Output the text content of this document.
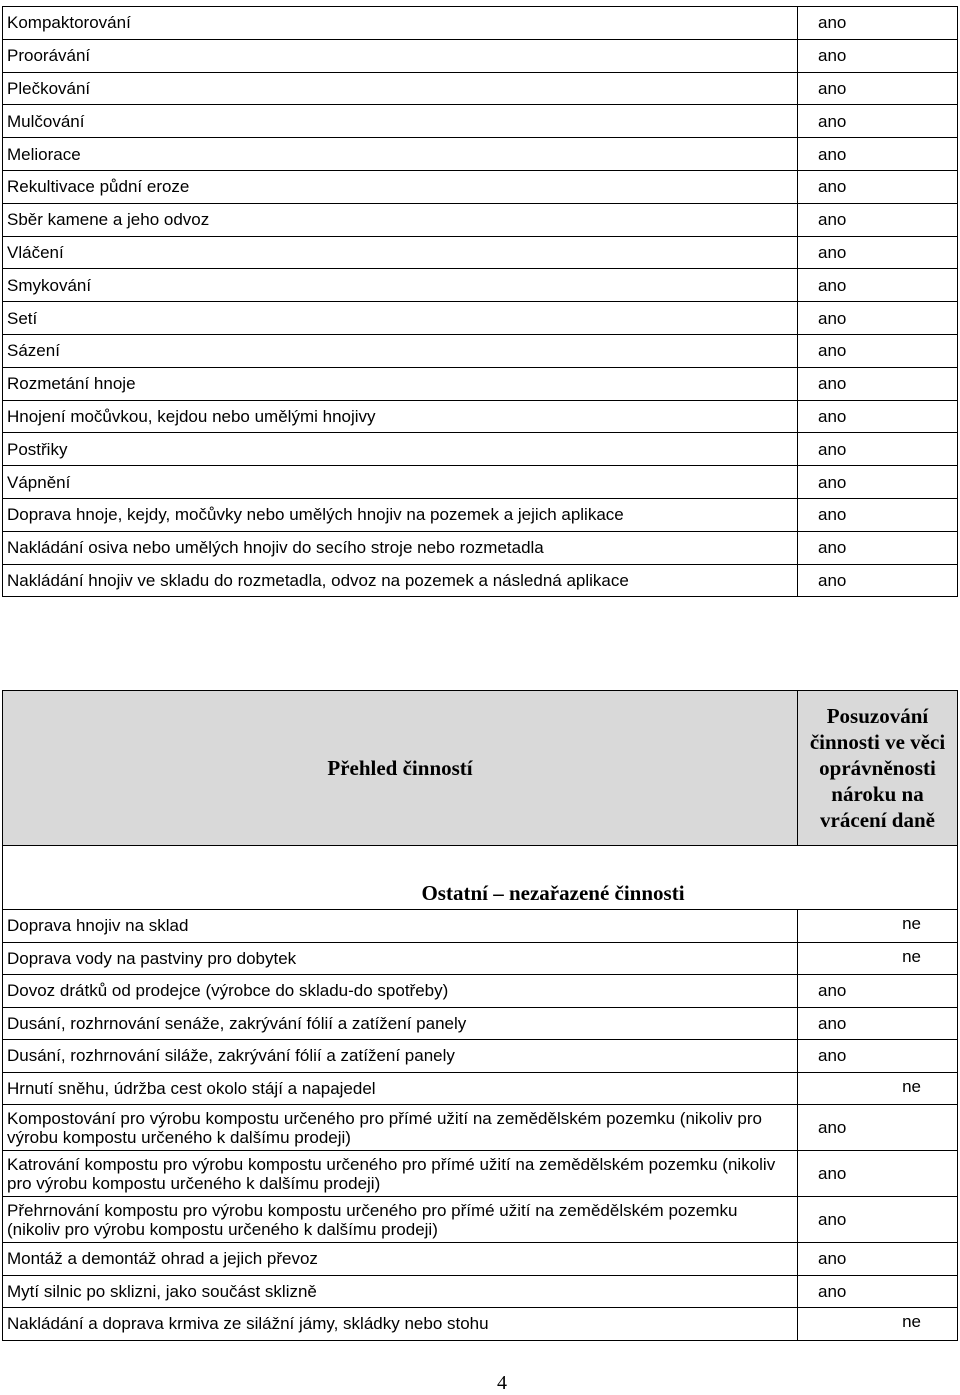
Kompaktorování	ano
Proorávání	ano
Plečkování	ano
Mulčování	ano
Meliorace	ano
Rekultivace půdní eroze	ano
Sběr kamene a jeho odvoz	ano
Vláčení	ano
Smykování	ano
Setí	ano
Sázení	ano
Rozmetání hnoje	ano
Hnojení močůvkou, kejdou nebo umělými hnojivy	ano
Postřiky	ano
Vápnění	ano
Doprava hnoje, kejdy, močůvky nebo umělých hnojiv na pozemek a jejich aplikace	ano
Nakládání osiva nebo umělých hnojiv do secího stroje nebo rozmetadla	ano
Nakládání hnojiv ve skladu do rozmetadla, odvoz na pozemek a následná aplikace	ano
Přehled činností	Posuzování činnosti ve věci oprávněnosti nároku na vrácení daně
Ostatní – nezařazené činnosti	
Doprava hnojiv na sklad	ne

Doprava vody na pastviny pro dobytek	ne

Dovoz drátků od prodejce (výrobce do skladu-do spotřeby)	ano
Dusání, rozhrnování senáže, zakrývání fólií a zatížení panely	ano
Dusání, rozhrnování siláže, zakrývání fólií a zatížení panely	ano
Hrnutí sněhu, údržba cest okolo stájí a napajedel	ne

Kompostování pro výrobu kompostu určeného pro přímé užití na zemědělském pozemku (nikoliv pro výrobu kompostu určeného k dalšímu prodeji)	ano
Katrování kompostu pro výrobu kompostu určeného pro přímé užití na zemědělském pozemku (nikoliv pro výrobu kompostu určeného k dalšímu prodeji)	ano
Přehrnování kompostu pro výrobu kompostu určeného pro přímé užití na zemědělském pozemku (nikoliv pro výrobu kompostu určeného k dalšímu prodeji)	ano
Montáž a demontáž ohrad a jejich převoz	ano
Mytí silnic po sklizni, jako součást sklizně	ano
Nakládání a doprava krmiva ze silážní jámy, skládky nebo stohu	ne
4
